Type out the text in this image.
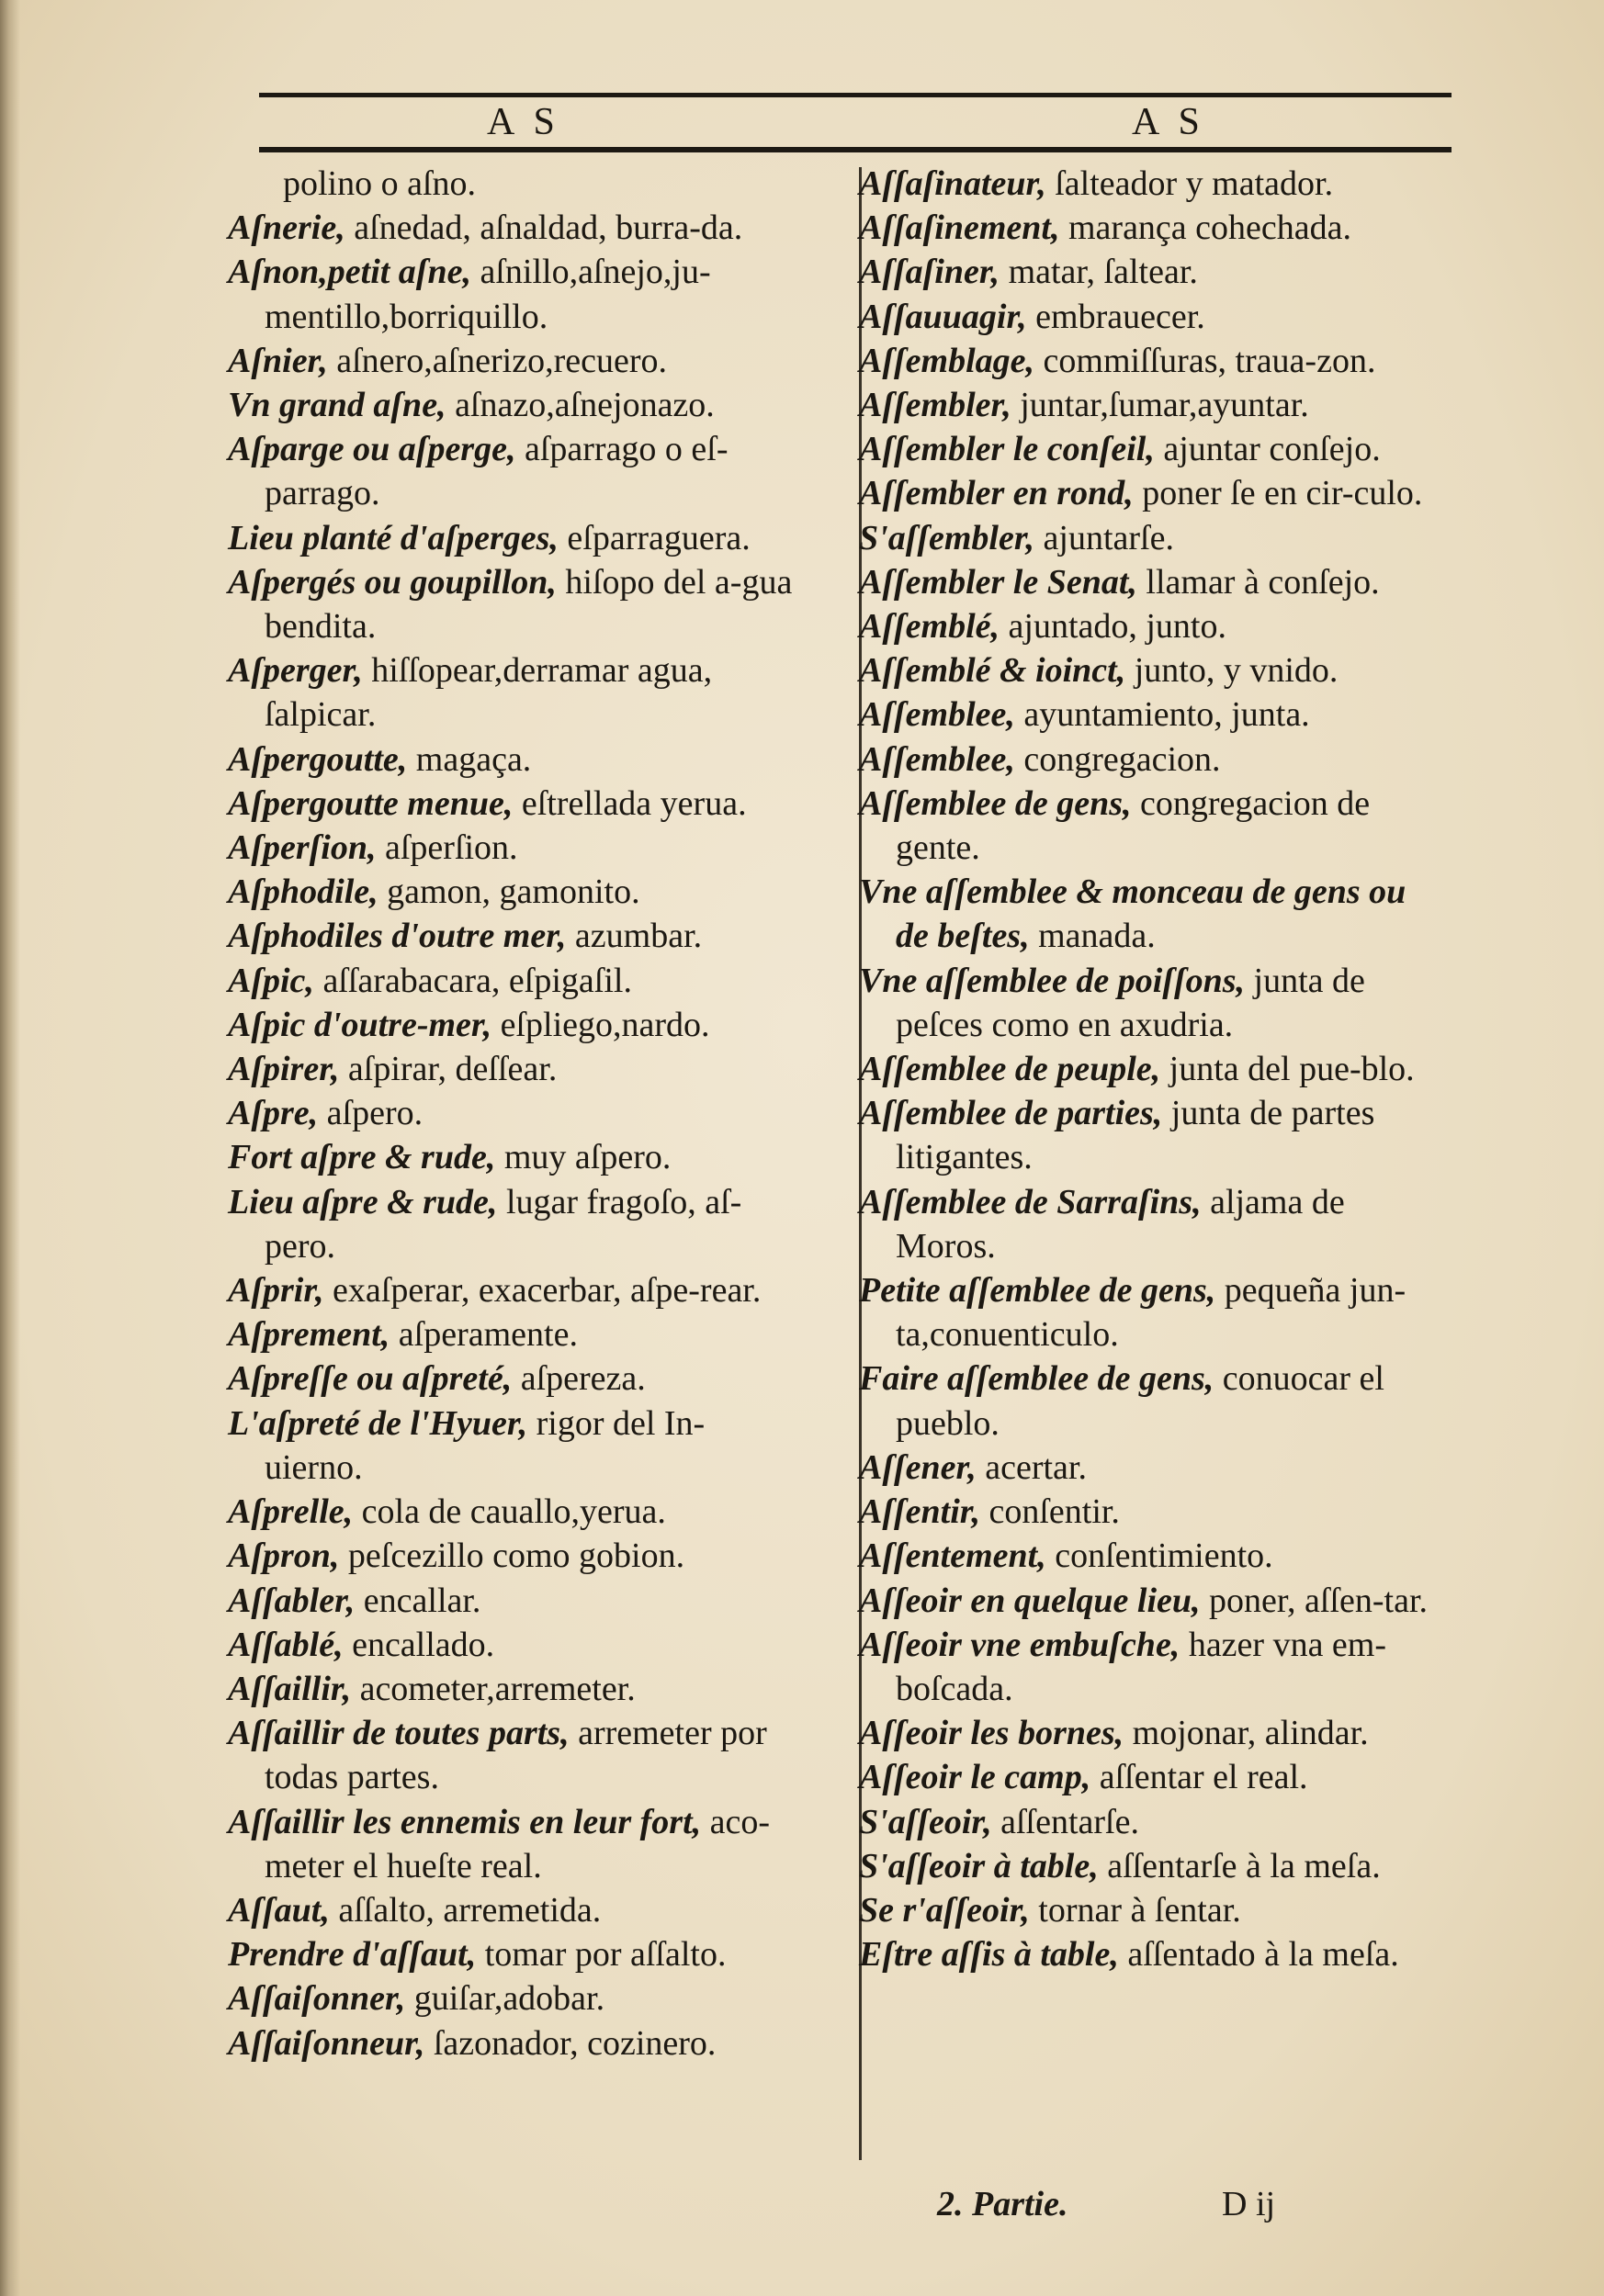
A S	A S

polino o aſno.

Aſnerie, aſnedad, aſnaldad, burra-da.

Aſnon,petit aſne, aſnillo,aſnejo,ju-mentillo,borriquillo.

Aſnier, aſnero,aſnerizo,recuero.

Vn grand aſne, aſnazo,aſnejonazo.

Aſparge ou aſperge, aſparrago o eſ-parrago.

Lieu planté d'aſperges, eſparraguera.

Aſpergés ou goupillon, hiſopo del a-gua bendita.

Aſperger, hiſſopear,derramar agua, ſalpicar.

Aſpergoutte, magaça.

Aſpergoutte menue, eſtrellada yerua.

Aſperſion, aſperſion.

Aſphodile, gamon, gamonito.

Aſphodiles d'outre mer, azumbar.

Aſpic, aſſarabacara, eſpigaſil.

Aſpic d'outre-mer, eſpliego,nardo.

Aſpirer, aſpirar, deſſear.

Aſpre, aſpero.

Fort aſpre & rude, muy aſpero.

Lieu aſpre & rude, lugar fragoſo, aſ-pero.

Aſprir, exaſperar, exacerbar, aſpe-rear.

Aſprement, aſperamente.

Aſpreſſe ou aſpreté, aſpereza.

L'aſpreté de l'Hyuer, rigor del In-uierno.

Aſprelle, cola de cauallo,yerua.

Aſpron, peſcezillo como gobion.

Aſſabler, encallar.

Aſſablé, encallado.

Aſſaillir, acometer,arremeter.

Aſſaillir de toutes parts, arremeter por todas partes.

Aſſaillir les ennemis en leur fort, aco-meter el hueſte real.

Aſſaut, aſſalto, arremetida.

Prendre d'aſſaut, tomar por aſſalto.

Aſſaiſonner, guiſar,adobar.

Aſſaiſonneur, ſazonador, cozinero.

Aſſaſinateur, ſalteador y matador.

Aſſaſinement, marança cohechada.

Aſſaſiner, matar, ſaltear.

Aſſauuagir, embrauecer.

Aſſemblage, commiſſuras, traua-zon.

Aſſembler, juntar,ſumar,ayuntar.

Aſſembler le conſeil, ajuntar conſejo.

Aſſembler en rond, poner ſe en cir-culo.

S'aſſembler, ajuntarſe.

Aſſembler le Senat, llamar à conſejo.

Aſſemblé, ajuntado, junto.

Aſſemblé & ioinct, junto, y vnido.

Aſſemblee, ayuntamiento, junta.

Aſſemblee, congregacion.

Aſſemblee de gens, congregacion de gente.

Vne aſſemblee & monceau de gens ou de beſtes, manada.

Vne aſſemblee de poiſſons, junta de peſces como en axudria.

Aſſemblee de peuple, junta del pue-blo.

Aſſemblee de parties, junta de partes litigantes.

Aſſemblee de Sarraſins, aljama de Moros.

Petite aſſemblee de gens, pequeña jun-ta,conuenticulo.

Faire aſſemblee de gens, conuocar el pueblo.

Aſſener, acertar.

Aſſentir, conſentir.

Aſſentement, conſentimiento.

Aſſeoir en quelque lieu, poner, aſſen-tar.

Aſſeoir vne embuſche, hazer vna em-boſcada.

Aſſeoir les bornes, mojonar, alindar.

Aſſeoir le camp, aſſentar el real.

S'aſſeoir, aſſentarſe.

S'aſſeoir à table, aſſentarſe à la meſa.

Se r'aſſeoir, tornar à ſentar.

Eſtre aſſis à table, aſſentado à la meſa.

2. Partie.	D ij
